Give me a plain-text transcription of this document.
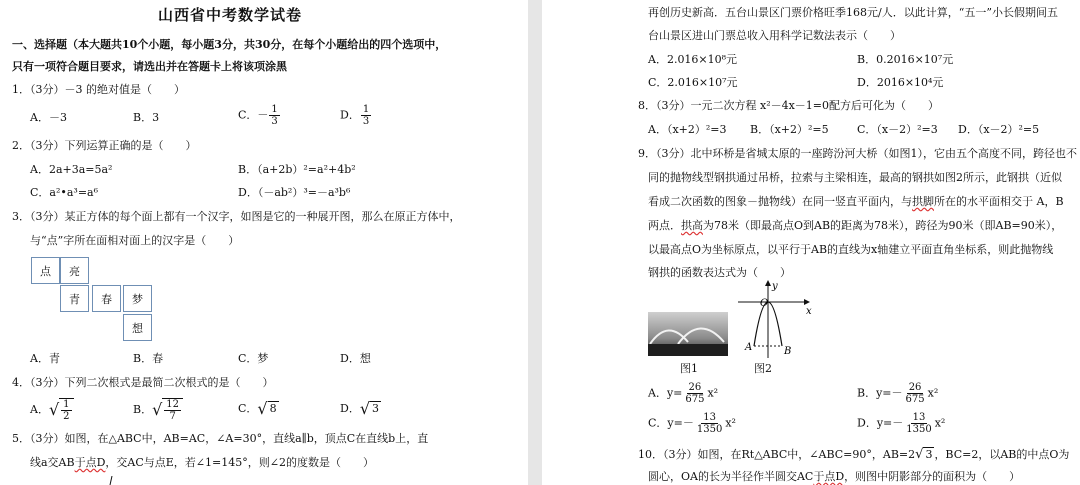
山西省中考数学试卷
一、选择题（本大题共10个小题，每小题3分，共30分，在每个小题给出的四个选项中，
只有一项符合题目要求，请选出并在答题卡上将该项涂黑
1．（3分）－3 的绝对值是（　　）
A．－3	B．3	C．－ $\frac{1}{3}$	D． $\frac{1}{3}$
2．（3分）下列运算正确的是（　　）
A．2a+3a=5a²	B．（a+2b）²=a²+4b²
C．a²•a³=a⁶	D．（－ab²）³=－a³b⁶
3．（3分）某正方体的每个面上都有一个汉字，如图是它的一种展开图，那么在原正方体中，
与“点”字所在面相对面上的汉字是（　　）
点	亮
青	春	梦
想
A．青	B．春	C．梦	D．想
4．（3分）下列二次根式是最简二次根式的是（　　）
A．√ $\frac{1}{2}$	B．√ $\frac{12}{7}$	C．√ 8	D．√ 3
5．（3分）如图，在△ABC中，AB=AC，∠A=30°，直线a∥b，顶点C在直线b上，直
线a交AB于点D，交AC与点E，若∠1=145°，则∠2的度数是（　　）
再创历史新高．五台山景区门票价格旺季168元/人．以此计算，“五一”小长假期间五
台山景区进山门票总收入用科学记数法表示（　　）
A．2.016×10⁸元	B．0.2016×10⁷元
C．2.016×10⁷元	D．2016×10⁴元
8．（3分）一元二次方程 x²－4x－1=0配方后可化为（　　）
A．（x+2）²=3 B．（x+2）²=5	C．（x－2）²=3 D．（x－2）²=5
9．（3分）北中环桥是省城太原的一座跨汾河大桥（如图1），它由五个高度不同，跨径也不
同的抛物线型钢拱通过吊桥，拉索与主梁相连，最高的钢拱如图2所示，此钢拱（近似
看成二次函数的图象－抛物线）在同一竖直平面内，与拱脚所在的水平面相交于 A，B
两点．拱高为78米（即最高点O到AB的距离为78米），跨径为90米（即AB=90米），
以最高点O为坐标原点，以平行于AB的直线为x轴建立平面直角坐标系，则此抛物线
钢拱的函数表达式为（　　）
图1
O
x
y
A	B
图2
A．$y= \frac{26}{675} x^2$	B．$y=- \frac{26}{675} x^2$
C．$y=- \frac{13}{1350} x^2$	D．$y=- \frac{13}{1350} x^2$
10．（3分）如图，在Rt△ABC中，∠ABC=90°，AB=2√ 3 ，BC=2，以AB的中点O为
圆心，OA的长为半径作半圆交AC于点D，则图中阴影部分的面积为（　　）
